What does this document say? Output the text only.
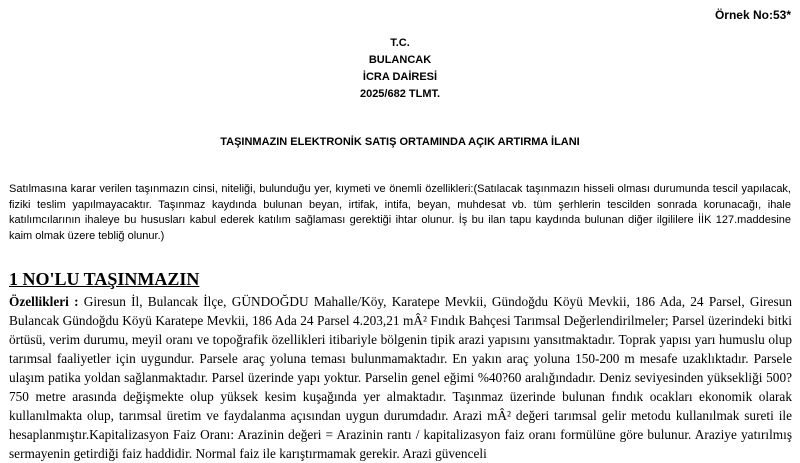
Örnek No:53*
T.C.
BULANCAK
İCRA DAİRESİ
2025/682 TLMT.
TAŞINMAZIN ELEKTRONİK SATIŞ ORTAMINDA AÇIK ARTIRMA İLANI

Satılmasına karar verilen taşınmazın cinsi, niteliği, bulunduğu yer, kıymeti ve önemli özellikleri:(Satılacak taşınmazın hisseli olması durumunda tescil yapılacak, fiziki teslim yapılmayacaktır. Taşınmaz kaydında bulunan beyan, irtifak, intifa, beyan, muhdesat vb. tüm şerhlerin tescilden sonrada korunacağı, ihale katılımcılarının ihaleye bu hususları kabul ederek katılım sağlaması gerektiği ihtar olunur. İş bu ilan tapu kaydında bulunan diğer ilgililere İİK 127.maddesine kaim olmak üzere tebliğ olunur.)

1 NO'LU TAŞINMAZIN

Özellikleri : Giresun İl, Bulancak İlçe, GÜNDOĞDU Mahalle/Köy, Karatepe Mevkii, Gündoğdu Köyü Mevkii, 186 Ada, 24 Parsel, Giresun Bulancak Gündoğdu Köyü Karatepe Mevkii, 186 Ada 24 Parsel 4.203,21 mÂ² Fındık Bahçesi Tarımsal Değerlendirilmeler; Parsel üzerindeki bitki örtüsü, verim durumu, meyil oranı ve topoğrafik özellikleri itibariyle bölgenin tipik arazi yapısını yansıtmaktadır. Toprak yapısı yarı humuslu olup tarımsal faaliyetler için uygundur. Parsele araç yoluna teması bulunmamaktadır. En yakın araç yoluna 150-200 m mesafe uzaklıktadır. Parsele ulaşım patika yoldan sağlanmaktadır. Parsel üzerinde yapı yoktur. Parselin genel eğimi %40?60 aralığındadır. Deniz seviyesinden yüksekliği 500?750 metre arasında değişmekte olup yüksek kesim kuşağında yer almaktadır. Taşınmaz üzerinde bulunan fındık ocakları ekonomik olarak kullanılmakta olup, tarımsal üretim ve faydalanma açısından uygun durumdadır. Arazi mÂ² değeri tarımsal gelir metodu kullanılmak sureti ile hesaplanmıştır.Kapitalizasyon Faiz Oranı: Arazinin değeri = Arazinin rantı / kapitalizasyon faiz oranı formülüne göre bulunur. Araziye yatırılmış sermayenin getirdiği faiz haddidir. Normal faiz ile karıştırmamak gerekir. Arazi güvenceli
